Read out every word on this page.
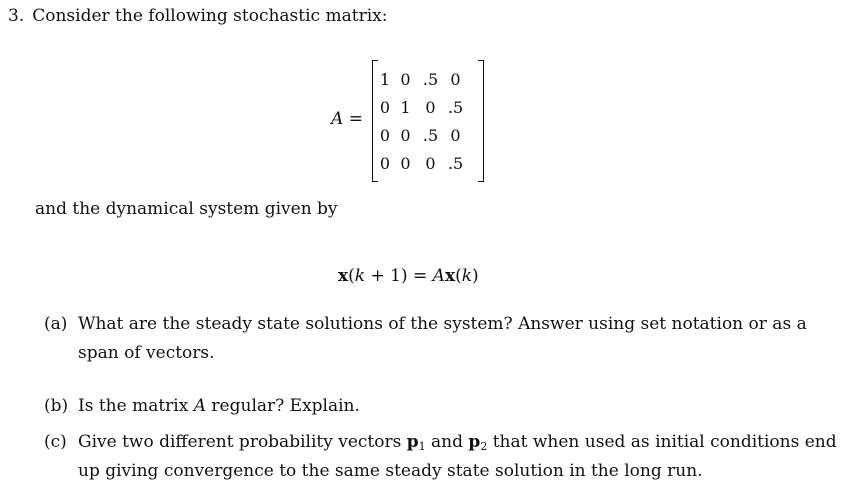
3. Consider the following stochastic matrix:
A =
1	0	.5	0
0	1	0	.5
0	0	.5	0
0	0	0	.5
and the dynamical system given by
x(k + 1) = Ax(k)
(a) What are the steady state solutions of the system? Answer using set notation or as a
span of vectors.
(b) Is the matrix A regular? Explain.
(c) Give two different probability vectors $p_1$ and $p_2$ that when used as initial conditions end
up giving convergence to the same steady state solution in the long run.
